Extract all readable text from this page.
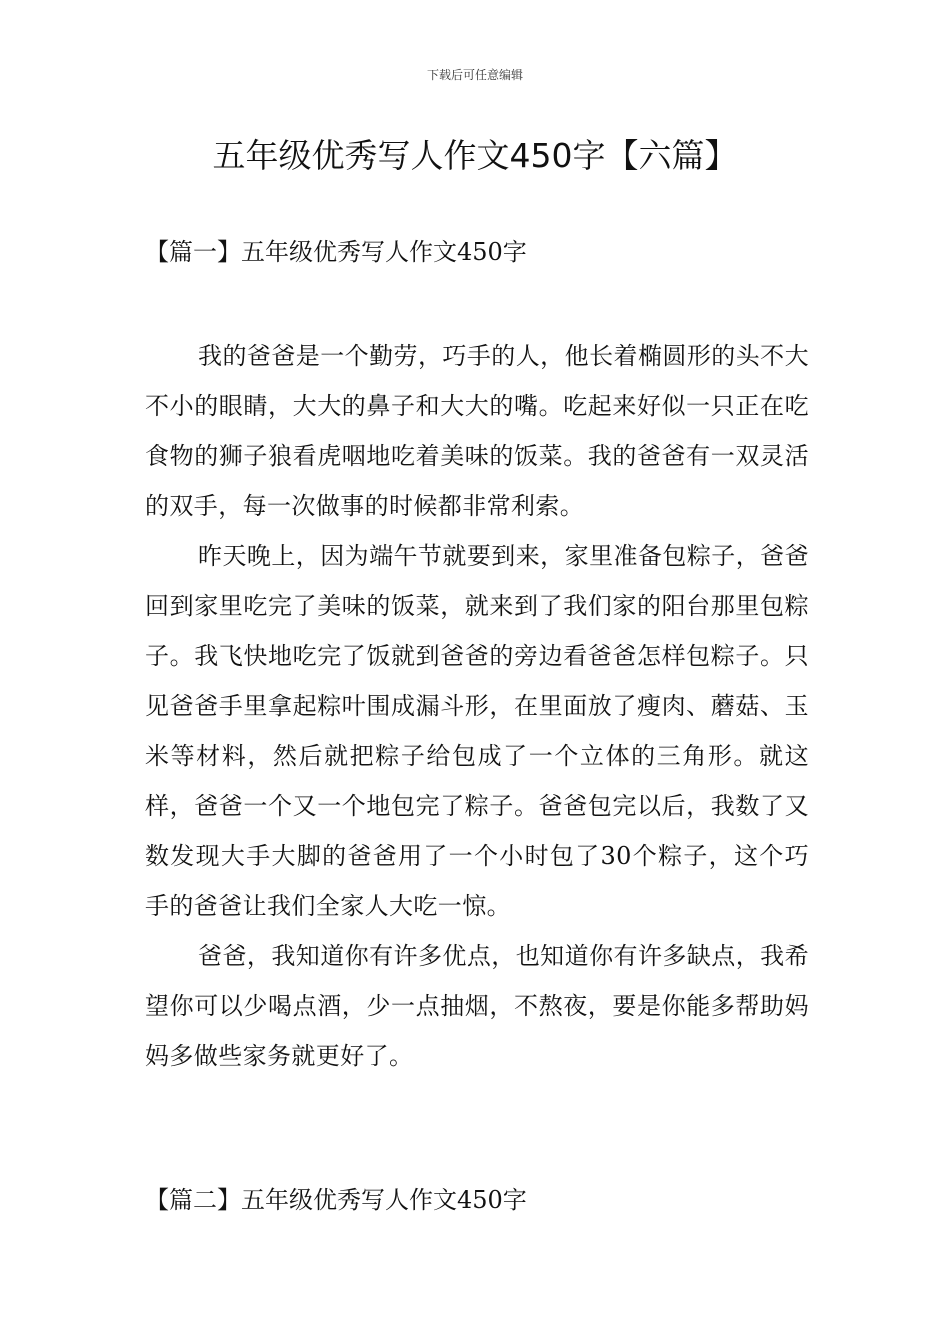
下载后可任意编辑
五年级优秀写人作文450字【六篇】
【篇一】五年级优秀写人作文450字

我的爸爸是一个勤劳，巧手的人，他长着椭圆形的头不大不小的眼睛，大大的鼻子和大大的嘴。吃起来好似一只正在吃食物的狮子狼看虎咽地吃着美味的饭菜。我的爸爸有一双灵活的双手，每一次做事的时候都非常利索。

昨天晚上，因为端午节就要到来，家里准备包粽子，爸爸回到家里吃完了美味的饭菜，就来到了我们家的阳台那里包粽子。我飞快地吃完了饭就到爸爸的旁边看爸爸怎样包粽子。只见爸爸手里拿起粽叶围成漏斗形，在里面放了瘦肉、蘑菇、玉米等材料，然后就把粽子给包成了一个立体的三角形。就这样，爸爸一个又一个地包完了粽子。爸爸包完以后，我数了又数发现大手大脚的爸爸用了一个小时包了30个粽子，这个巧手的爸爸让我们全家人大吃一惊。

爸爸，我知道你有许多优点，也知道你有许多缺点，我希望你可以少喝点酒，少一点抽烟，不熬夜，要是你能多帮助妈妈多做些家务就更好了。

【篇二】五年级优秀写人作文450字
